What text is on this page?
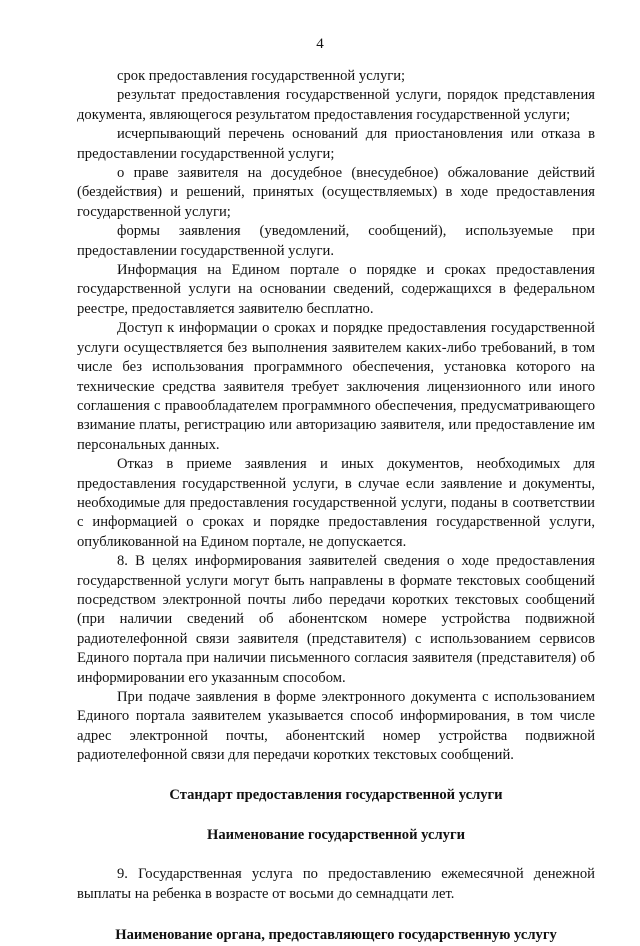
4

срок предоставления государственной услуги;

результат предоставления государственной услуги, порядок представления документа, являющегося результатом предоставления государственной услуги;

исчерпывающий перечень оснований для приостановления или отказа в предоставлении государственной услуги;

о праве заявителя на досудебное (внесудебное) обжалование действий (бездействия) и решений, принятых (осуществляемых) в ходе предоставления государственной услуги;

формы заявления (уведомлений, сообщений), используемые при предоставлении государственной услуги.

Информация на Едином портале о порядке и сроках предоставления государственной услуги на основании сведений, содержащихся в федеральном реестре, предоставляется заявителю бесплатно.

Доступ к информации о сроках и порядке предоставления государственной услуги осуществляется без выполнения заявителем каких-либо требований, в том числе без использования программного обеспечения, установка которого на технические средства заявителя требует заключения лицензионного или иного соглашения с правообладателем программного обеспечения, предусматривающего взимание платы, регистрацию или авторизацию заявителя, или предоставление им персональных данных.

Отказ в приеме заявления и иных документов, необходимых для предоставления государственной услуги, в случае если заявление и документы, необходимые для предоставления государственной услуги, поданы в соответствии с информацией о сроках и порядке предоставления государственной услуги, опубликованной на Едином портале, не допускается.

8. В целях информирования заявителей сведения о ходе предоставления государственной услуги могут быть направлены в формате текстовых сообщений посредством электронной почты либо передачи коротких текстовых сообщений (при наличии сведений об абонентском номере устройства подвижной радиотелефонной связи заявителя (представителя) с использованием сервисов Единого портала при наличии письменного согласия заявителя (представителя) об информировании его указанным способом.

При подаче заявления в форме электронного документа с использованием Единого портала заявителем указывается способ информирования, в том числе адрес электронной почты, абонентский номер устройства подвижной радиотелефонной связи для передачи коротких текстовых сообщений.

Стандарт предоставления государственной услуги

Наименование государственной услуги

9. Государственная услуга по предоставлению ежемесячной денежной выплаты на ребенка в возрасте от восьми до семнадцати лет.

Наименование органа, предоставляющего государственную услугу
